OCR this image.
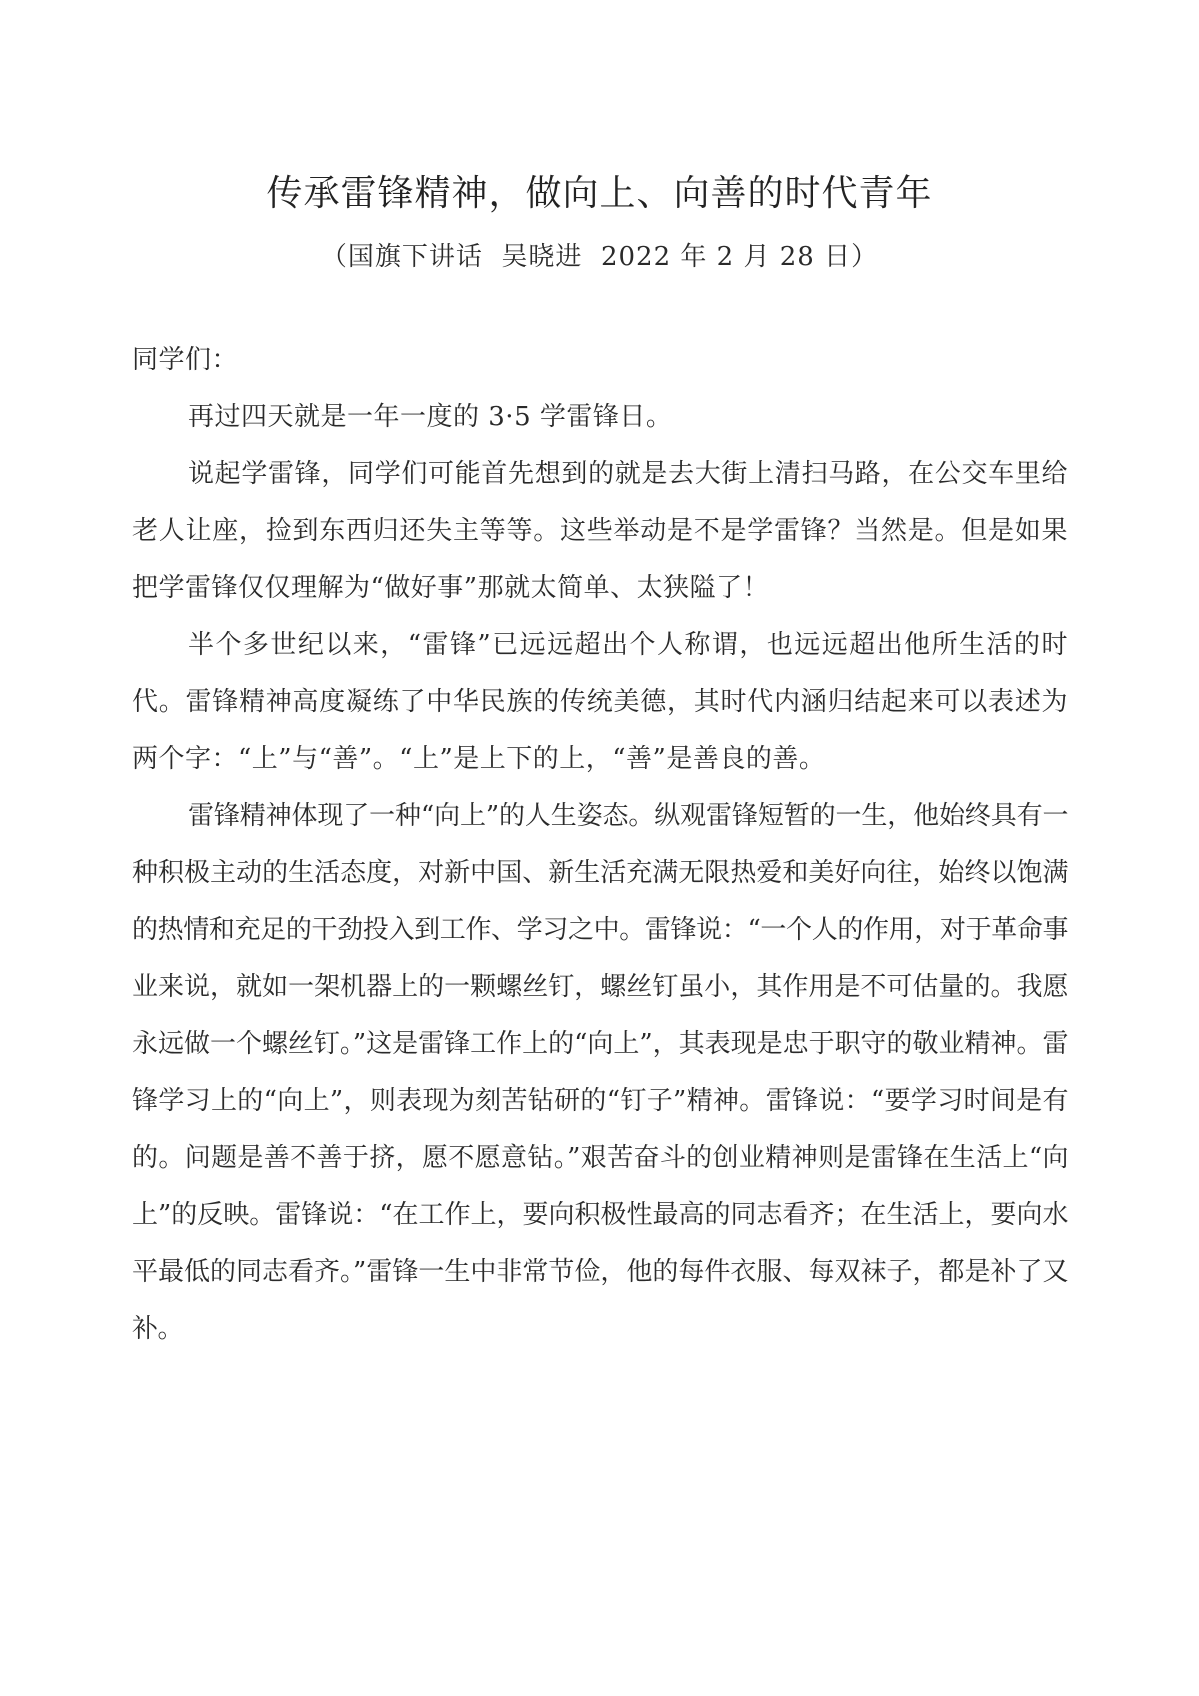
传承雷锋精神，做向上、向善的时代青年
（国旗下讲话  吴晓进  2022 年 2 月 28 日）

同学们：

再过四天就是一年一度的 3·5 学雷锋日。

说起学雷锋，同学们可能首先想到的就是去大街上清扫马路，在公交车里给老人让座，捡到东西归还失主等等。这些举动是不是学雷锋？当然是。但是如果把学雷锋仅仅理解为“做好事”那就太简单、太狭隘了！

半个多世纪以来，“雷锋”已远远超出个人称谓，也远远超出他所生活的时代。雷锋精神高度凝练了中华民族的传统美德，其时代内涵归结起来可以表述为两个字：“上”与“善”。“上”是上下的上，“善”是善良的善。

雷锋精神体现了一种“向上”的人生姿态。纵观雷锋短暂的一生，他始终具有一种积极主动的生活态度，对新中国、新生活充满无限热爱和美好向往，始终以饱满的热情和充足的干劲投入到工作、学习之中。雷锋说：“一个人的作用，对于革命事业来说，就如一架机器上的一颗螺丝钉，螺丝钉虽小，其作用是不可估量的。我愿永远做一个螺丝钉。”这是雷锋工作上的“向上”，其表现是忠于职守的敬业精神。雷锋学习上的“向上”，则表现为刻苦钻研的“钉子”精神。雷锋说：“要学习时间是有的。问题是善不善于挤，愿不愿意钻。”艰苦奋斗的创业精神则是雷锋在生活上“向上”的反映。雷锋说：“在工作上，要向积极性最高的同志看齐；在生活上，要向水平最低的同志看齐。”雷锋一生中非常节俭，他的每件衣服、每双袜子，都是补了又补。
